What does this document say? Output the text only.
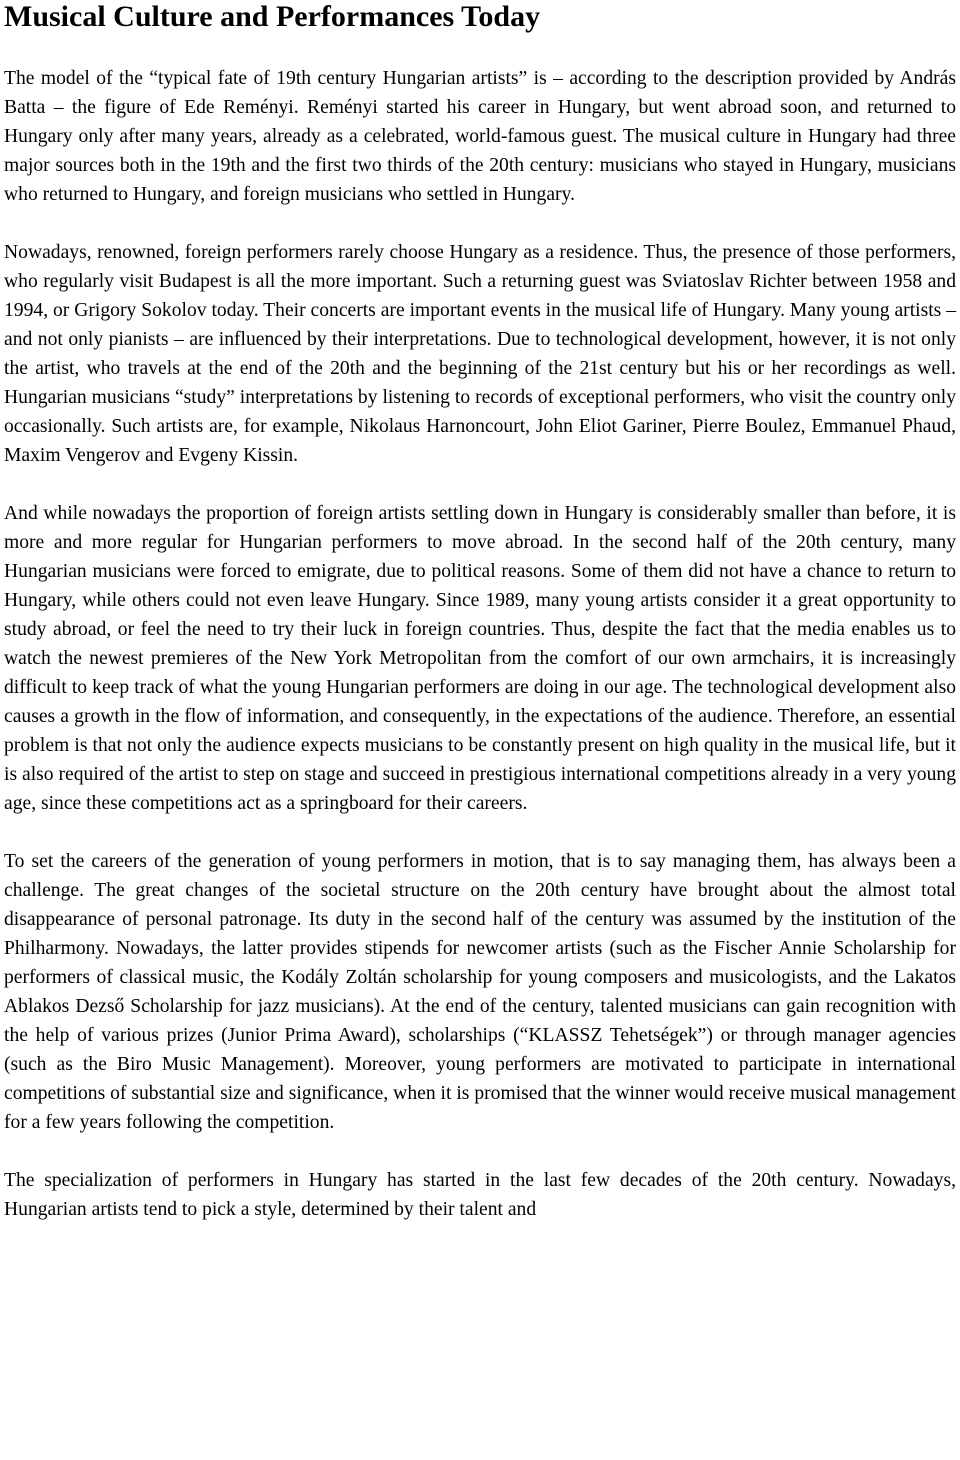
Musical Culture and Performances Today

The model of the “typical fate of 19th century Hungarian artists” is – according to the description provided by András Batta – the figure of Ede Reményi. Reményi started his career in Hungary, but went abroad soon, and returned to Hungary only after many years, already as a celebrated, world-famous guest. The musical culture in Hungary had three major sources both in the 19th and the first two thirds of the 20th century: musicians who stayed in Hungary, musicians who returned to Hungary, and foreign musicians who settled in Hungary.

Nowadays, renowned, foreign performers rarely choose Hungary as a residence. Thus, the presence of those performers, who regularly visit Budapest is all the more important. Such a returning guest was Sviatoslav Richter between 1958 and 1994, or Grigory Sokolov today. Their concerts are important events in the musical life of Hungary. Many young artists – and not only pianists – are influenced by their interpretations. Due to technological development, however, it is not only the artist, who travels at the end of the 20th and the beginning of the 21st century but his or her recordings as well. Hungarian musicians “study” interpretations by listening to records of exceptional performers, who visit the country only occasionally. Such artists are, for example, Nikolaus Harnoncourt, John Eliot Gariner, Pierre Boulez, Emmanuel Phaud, Maxim Vengerov and Evgeny Kissin.

And while nowadays the proportion of foreign artists settling down in Hungary is considerably smaller than before, it is more and more regular for Hungarian performers to move abroad. In the second half of the 20th century, many Hungarian musicians were forced to emigrate, due to political reasons. Some of them did not have a chance to return to Hungary, while others could not even leave Hungary. Since 1989, many young artists consider it a great opportunity to study abroad, or feel the need to try their luck in foreign countries. Thus, despite the fact that the media enables us to watch the newest premieres of the New York Metropolitan from the comfort of our own armchairs, it is increasingly difficult to keep track of what the young Hungarian performers are doing in our age. The technological development also causes a growth in the flow of information, and consequently, in the expectations of the audience. Therefore, an essential problem is that not only the audience expects musicians to be constantly present on high quality in the musical life, but it is also required of the artist to step on stage and succeed in prestigious international competitions already in a very young age, since these competitions act as a springboard for their careers.

To set the careers of the generation of young performers in motion, that is to say managing them, has always been a challenge. The great changes of the societal structure on the 20th century have brought about the almost total disappearance of personal patronage. Its duty in the second half of the century was assumed by the institution of the Philharmony. Nowadays, the latter provides stipends for newcomer artists (such as the Fischer Annie Scholarship for performers of classical music, the Kodály Zoltán scholarship for young composers and musicologists, and the Lakatos Ablakos Dezső Scholarship for jazz musicians). At the end of the century, talented musicians can gain recognition with the help of various prizes (Junior Prima Award), scholarships (“KLASSZ Tehetségek”) or through manager agencies (such as the Biro Music Management). Moreover, young performers are motivated to participate in international competitions of substantial size and significance, when it is promised that the winner would receive musical management for a few years following the competition.

The specialization of performers in Hungary has started in the last few decades of the 20th century. Nowadays, Hungarian artists tend to pick a style, determined by their talent and
